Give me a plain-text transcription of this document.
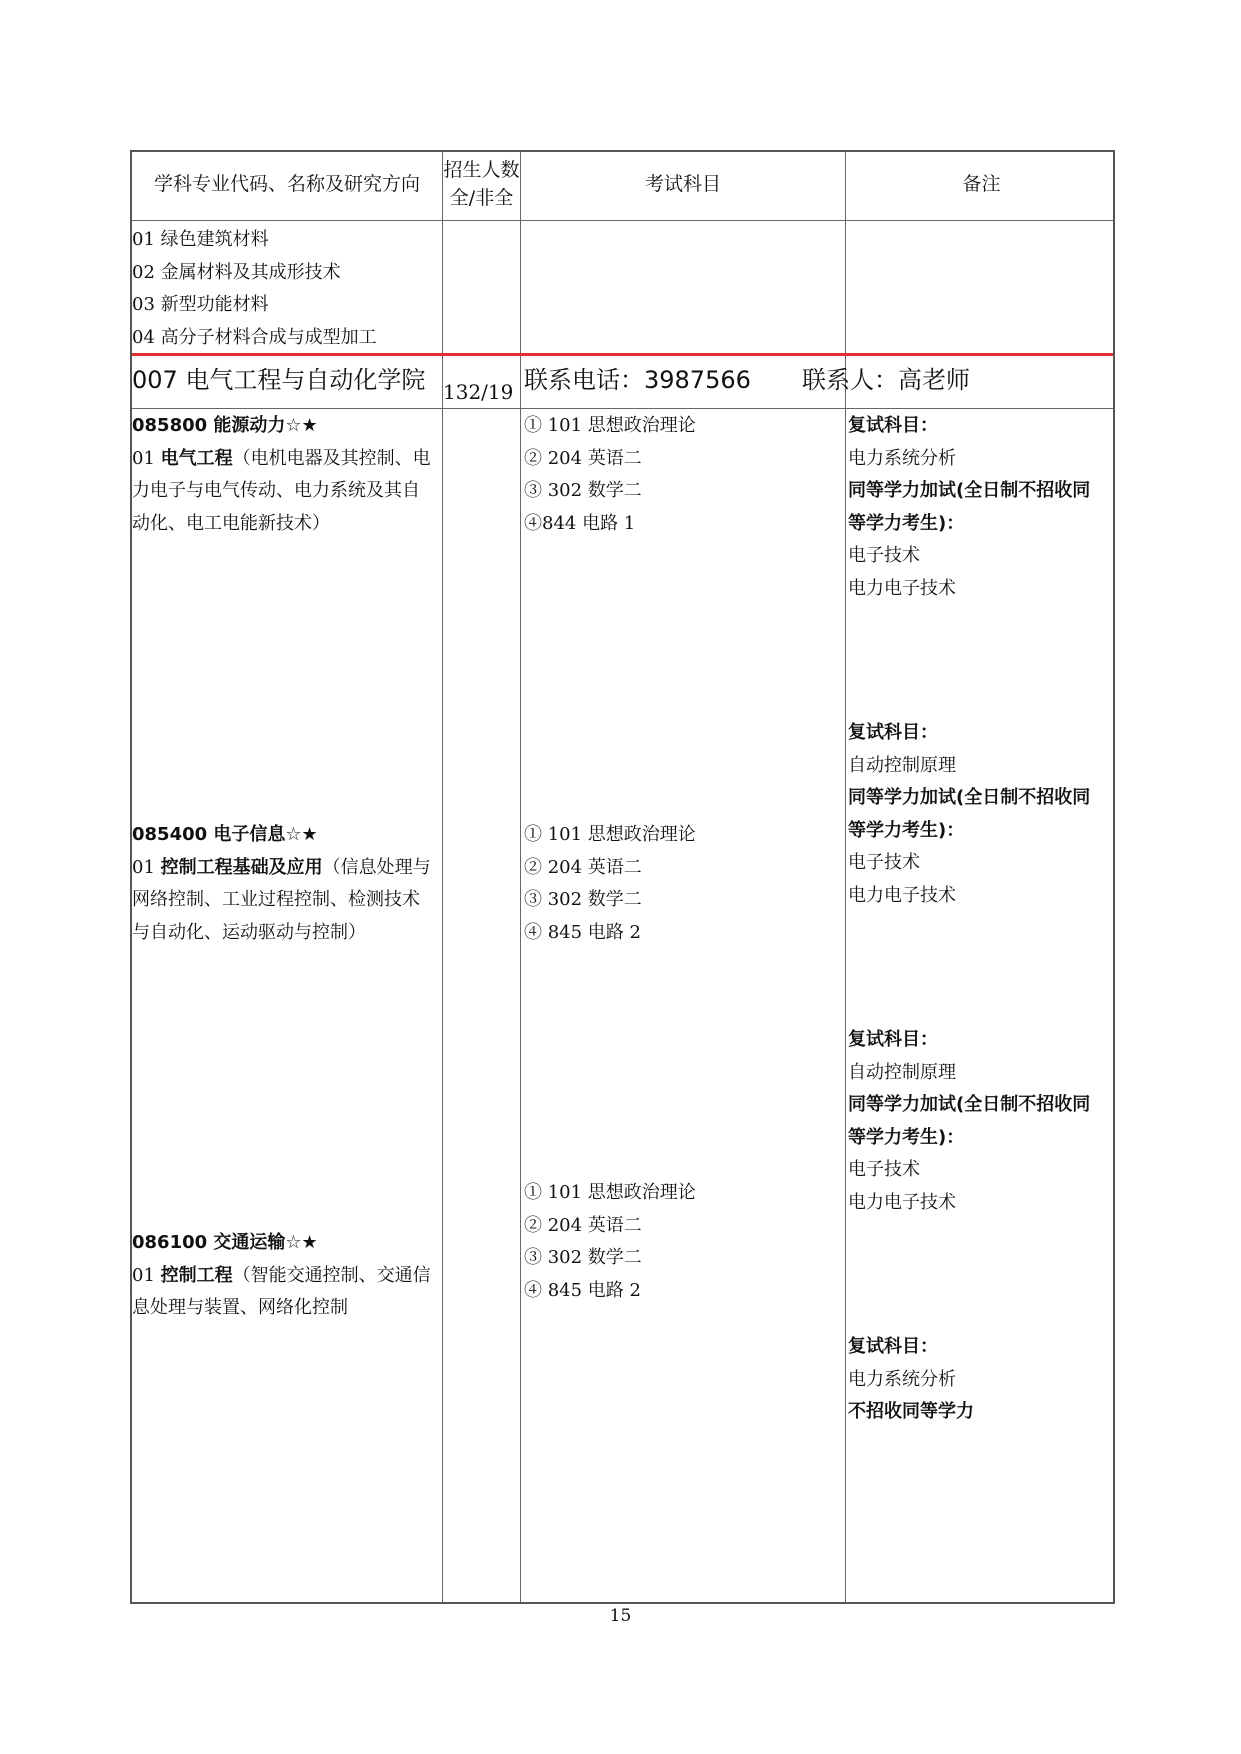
学科专业代码、名称及研究方向
招生人数
全/非全
考试科目	备注
01 绿色建筑材料
02 金属材料及其成形技术
03 新型功能材料
04 高分子材料合成与成型加工
007 电气工程与自动化学院 132/19 联系电话：3987566 联系人：高老师
085800 能源动力☆★
01 电气工程（电机电器及其控制、电
力电子与电气传动、电力系统及其自
动化、电工电能新技术）
① 101 思想政治理论
② 204 英语二
③ 302 数学二
④844 电路 1
复试科目：
电力系统分析
同等学力加试(全日制不招收同
等学力考生)：
电子技术
电力电子技术
085400 电子信息☆★
01 控制工程基础及应用（信息处理与
网络控制、工业过程控制、检测技术
与自动化、运动驱动与控制）
① 101 思想政治理论
② 204 英语二
③ 302 数学二
④ 845 电路 2
复试科目：
自动控制原理
同等学力加试(全日制不招收同
等学力考生)：
电子技术
电力电子技术
086100 交通运输☆★
01 控制工程（智能交通控制、交通信
息处理与装置、网络化控制
① 101 思想政治理论
② 204 英语二
③ 302 数学二
④ 845 电路 2
复试科目：
自动控制原理
同等学力加试(全日制不招收同
等学力考生)：
电子技术
电力电子技术
复试科目：
电力系统分析
不招收同等学力
15
